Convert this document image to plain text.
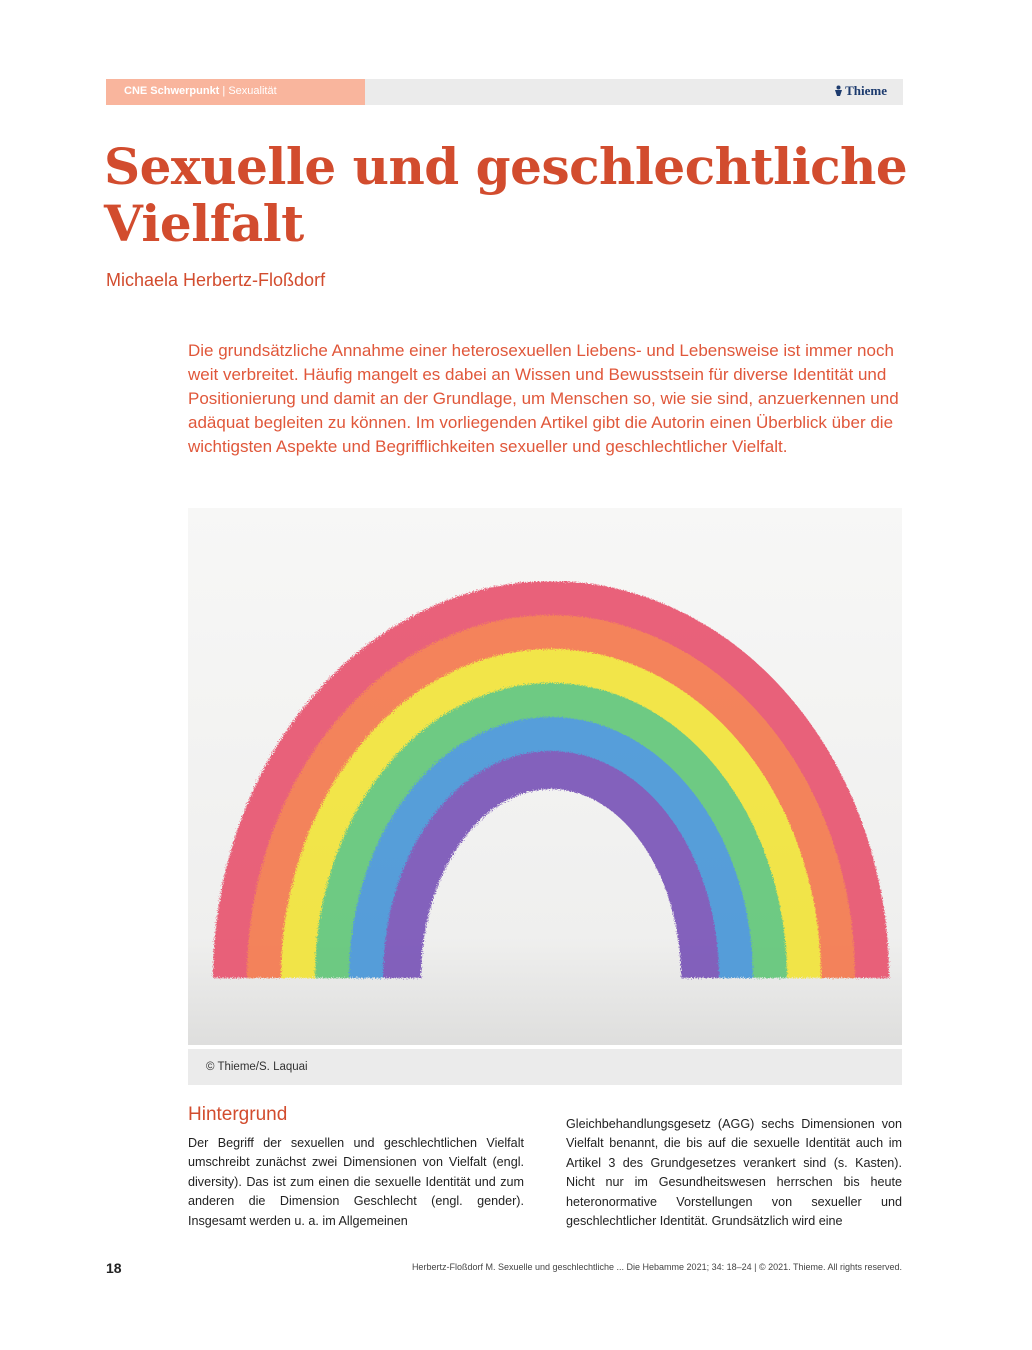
CNE Schwerpunkt | Sexualität	Thieme
Sexuelle und geschlechtliche Vielfalt
Michaela Herbertz-Floßdorf

Die grundsätzliche Annahme einer heterosexuellen Liebens- und Lebensweise ist immer noch weit verbreitet. Häufig mangelt es dabei an Wissen und Bewusstsein für diverse Identität und Positionierung und damit an der Grundlage, um Menschen so, wie sie sind, anzuerkennen und adäquat begleiten zu können. Im vorliegenden Artikel gibt die Autorin einen Überblick über die wichtigsten Aspekte und Begrifflichkeiten sexueller und geschlechtlicher Vielfalt.

© Thieme/S. Laquai
Hintergrund

Der Begriff der sexuellen und geschlechtlichen Vielfalt umschreibt zunächst zwei Dimensionen von Vielfalt (engl. diversity). Das ist zum einen die sexuelle Identität und zum anderen die Dimension Geschlecht (engl. gender). Insgesamt werden u. a. im Allgemeinen

Gleichbehandlungsgesetz (AGG) sechs Dimensionen von Vielfalt benannt, die bis auf die sexuelle Identität auch im Artikel 3 des Grundgesetzes verankert sind (s. Kasten). Nicht nur im Gesundheitswesen herrschen bis heute heteronormative Vorstellungen von sexueller und geschlechtlicher Identität. Grundsätzlich wird eine

18	Herbertz-Floßdorf M. Sexuelle und geschlechtliche ... Die Hebamme 2021; 34: 18–24 | © 2021. Thieme. All rights reserved.
